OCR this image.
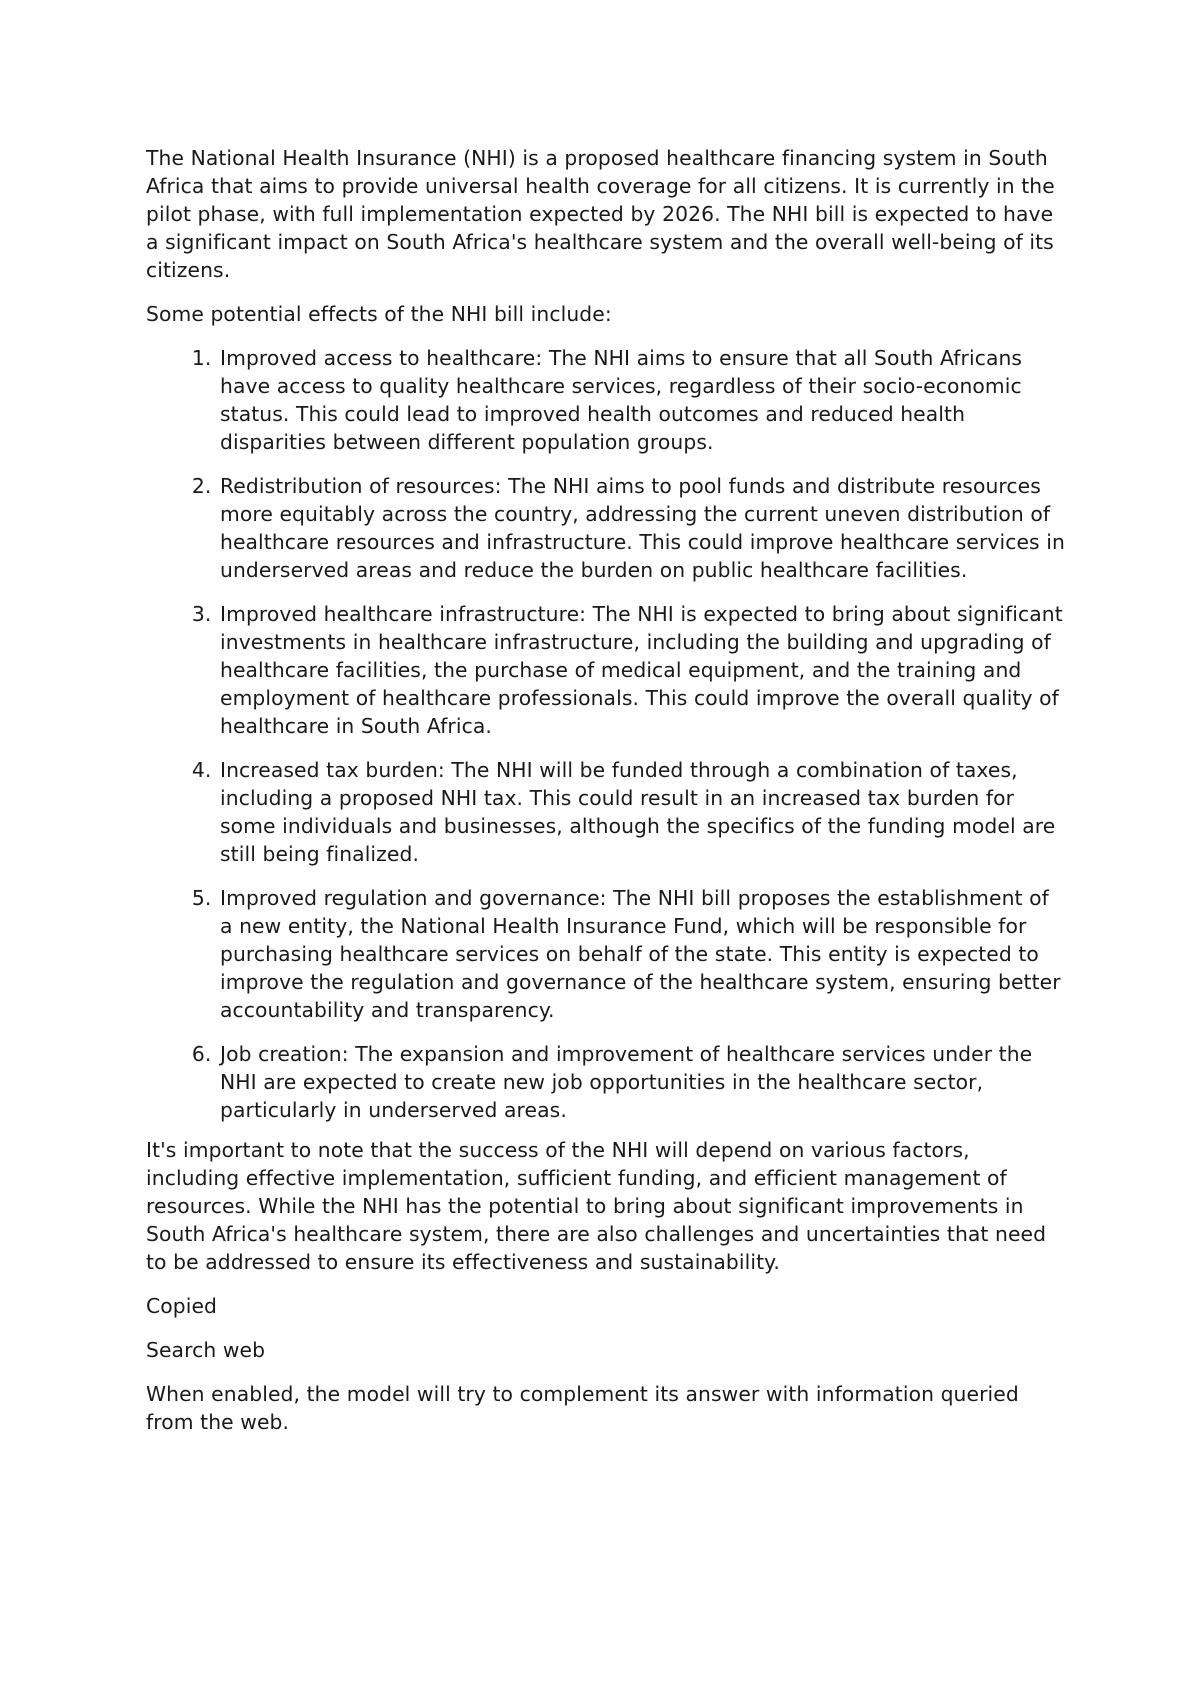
The National Health Insurance (NHI) is a proposed healthcare financing system in South Africa that aims to provide universal health coverage for all citizens. It is currently in the pilot phase, with full implementation expected by 2026. The NHI bill is expected to have a significant impact on South Africa's healthcare system and the overall well-being of its citizens.

Some potential effects of the NHI bill include:

1. Improved access to healthcare: The NHI aims to ensure that all South Africans have access to quality healthcare services, regardless of their socio-economic status. This could lead to improved health outcomes and reduced health disparities between different population groups.
2. Redistribution of resources: The NHI aims to pool funds and distribute resources more equitably across the country, addressing the current uneven distribution of healthcare resources and infrastructure. This could improve healthcare services in underserved areas and reduce the burden on public healthcare facilities.
3. Improved healthcare infrastructure: The NHI is expected to bring about significant investments in healthcare infrastructure, including the building and upgrading of healthcare facilities, the purchase of medical equipment, and the training and employment of healthcare professionals. This could improve the overall quality of healthcare in South Africa.
4. Increased tax burden: The NHI will be funded through a combination of taxes, including a proposed NHI tax. This could result in an increased tax burden for some individuals and businesses, although the specifics of the funding model are still being finalized.
5. Improved regulation and governance: The NHI bill proposes the establishment of a new entity, the National Health Insurance Fund, which will be responsible for purchasing healthcare services on behalf of the state. This entity is expected to improve the regulation and governance of the healthcare system, ensuring better accountability and transparency.
6. Job creation: The expansion and improvement of healthcare services under the NHI are expected to create new job opportunities in the healthcare sector, particularly in underserved areas.

It's important to note that the success of the NHI will depend on various factors, including effective implementation, sufficient funding, and efficient management of resources. While the NHI has the potential to bring about significant improvements in South Africa's healthcare system, there are also challenges and uncertainties that need to be addressed to ensure its effectiveness and sustainability.

Copied

Search web

When enabled, the model will try to complement its answer with information queried from the web.
